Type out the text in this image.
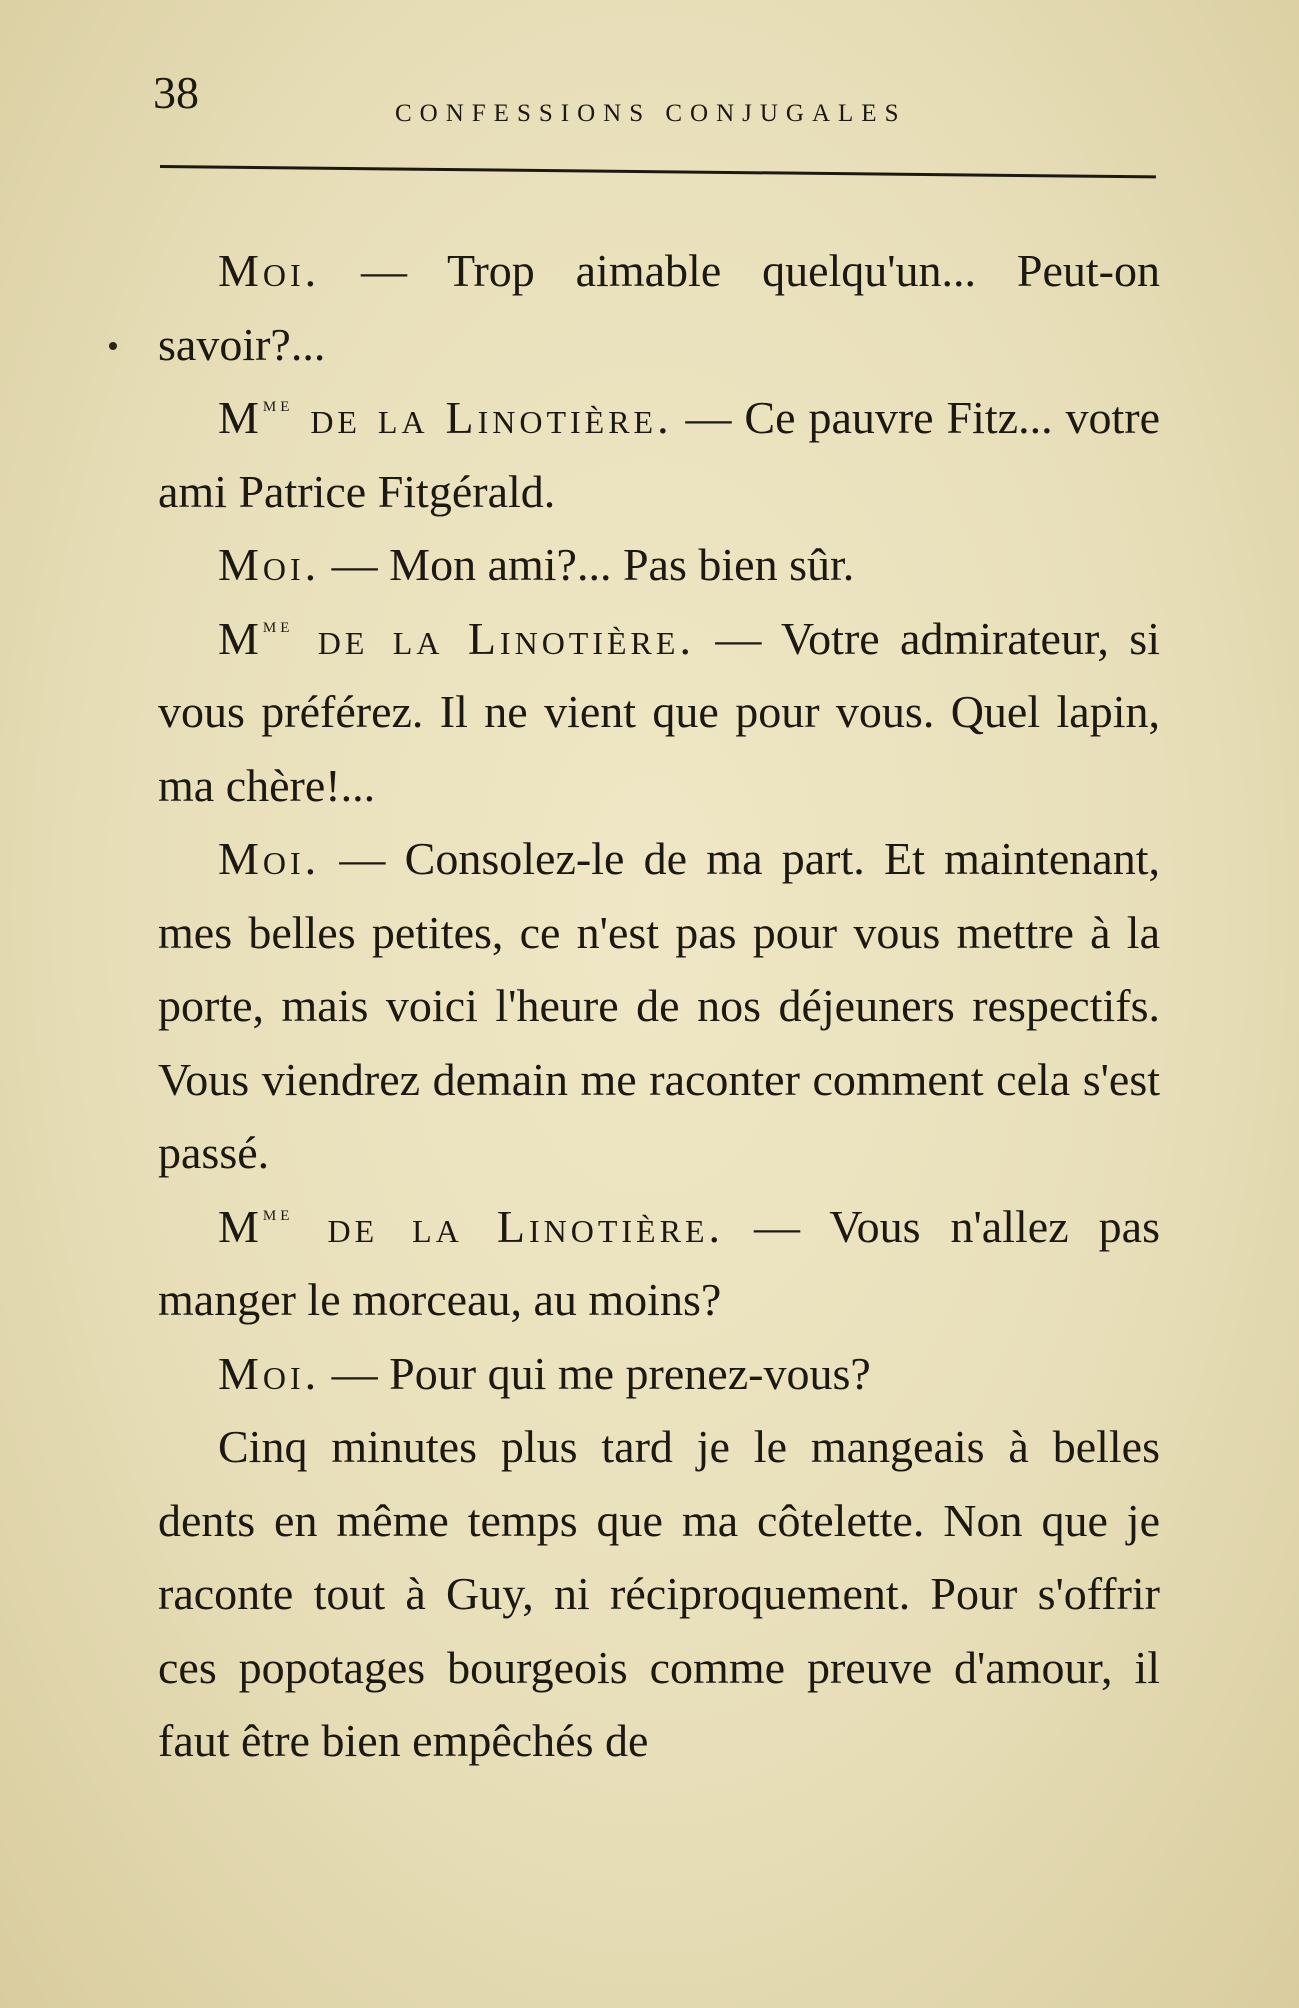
38	CONFESSIONS CONJUGALES

Moi. — Trop aimable quelqu'un... Peut-on savoir?...

$M^{me}$ de la Linotière. — Ce pauvre Fitz... votre ami Patrice Fitgérald.

Moi. — Mon ami?... Pas bien sûr.

$M^{me}$ de la Linotière. — Votre admirateur, si vous préférez. Il ne vient que pour vous. Quel lapin, ma chère!...

Moi. — Consolez-le de ma part. Et maintenant, mes belles petites, ce n'est pas pour vous mettre à la porte, mais voici l'heure de nos déjeuners respectifs. Vous viendrez demain me raconter comment cela s'est passé.

$M^{me}$ de la Linotière. — Vous n'allez pas manger le morceau, au moins?

Moi. — Pour qui me prenez-vous?

Cinq minutes plus tard je le mangeais à belles dents en même temps que ma côtelette. Non que je raconte tout à Guy, ni réciproquement. Pour s'offrir ces popotages bourgeois comme preuve d'amour, il faut être bien empêchés de
